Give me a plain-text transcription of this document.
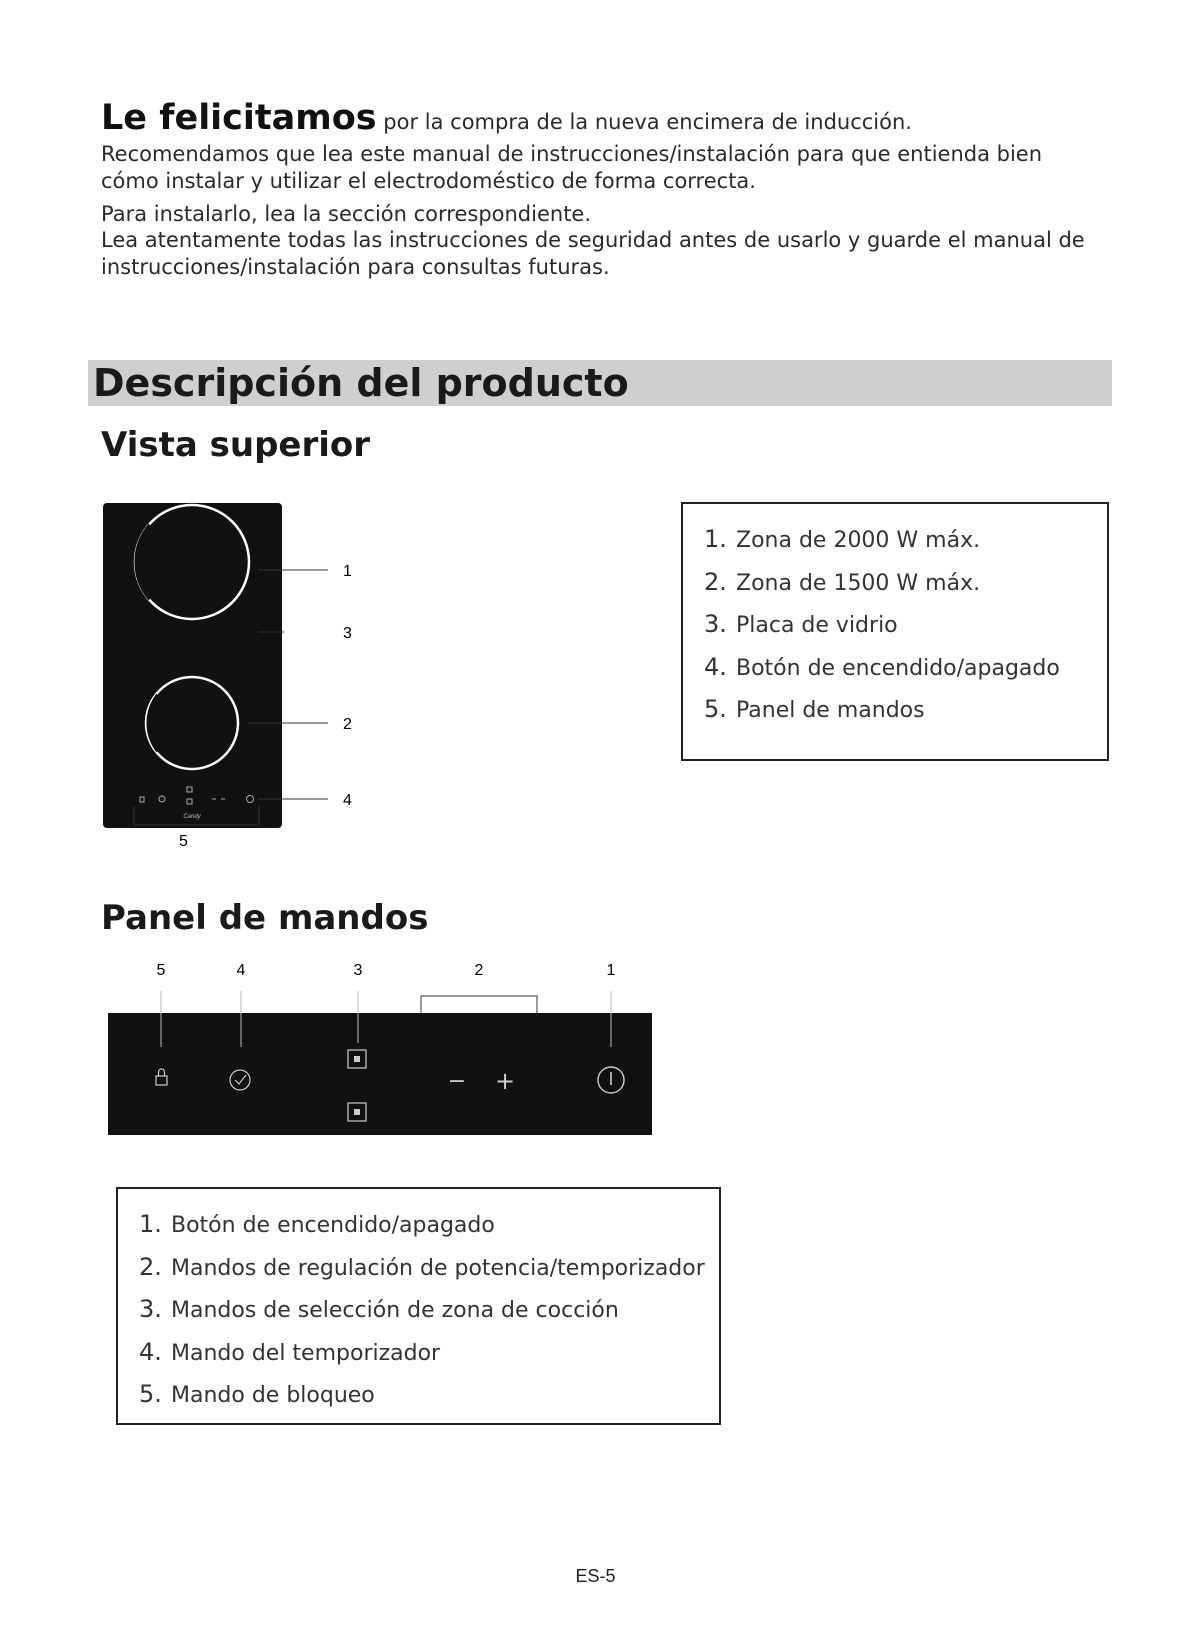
Le felicitamos por la compra de la nueva encimera de inducción.

Recomendamos que lea este manual de instrucciones/instalación para que entienda bien cómo instalar y utilizar el electrodoméstico de forma correcta.

Para instalarlo, lea la sección correspondiente.

Lea atentamente todas las instrucciones de seguridad antes de usarlo y guarde el manual de instrucciones/instalación para consultas futuras.

Descripción del producto
Vista superior
Candy
1
3
2
4
5
1. Zona de 2000 W máx.
2. Zona de 1500 W máx.
3. Placa de vidrio
4. Botón de encendido/apagado
5. Panel de mandos
Panel de mandos
5	4	3	2	1
− +
1. Botón de encendido/apagado
2. Mandos de regulación de potencia/temporizador
3. Mandos de selección de zona de cocción
4. Mando del temporizador
5. Mando de bloqueo
ES-5
